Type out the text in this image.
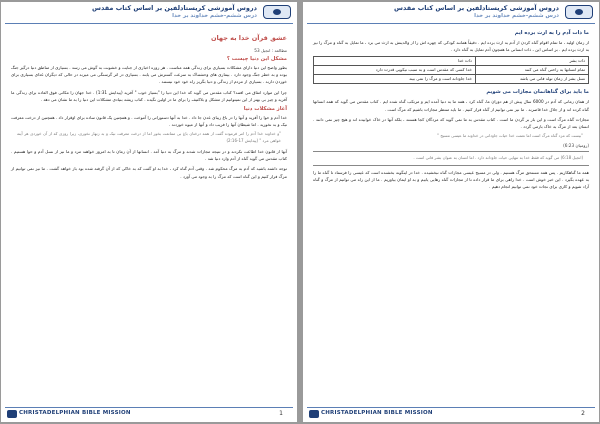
دروس آموزشی کریستادلفین بر اساس کتاب مقدس
درس ششم-خشم خداوند بر خدا
عشق قرآن خدا به جهان
مطالعه : انجیل 53
مشکل این دنیا چیست ؟

بطور واضح این دنیا دارای مشکلات بسیاری برای زندگی همه مناست . هر روزه اخباری از جنایت و خشونت به گوش می رسد . بسیاری از مناطق دنیا درگیر جنگ بوده و به خطر جنگ وجود دارد . بیماری های وحشتناک به سرعت گسترش می یابند . بسیاری در اثر گرسنگی می میرند در حالی که دیگران غذای بسیاری برای خوردن دارند . بسیاری از مردم از زندگی و دنیا بگریز راه خود خود نیستند .

چرا این موارد اتفاق می افتند؟ کتاب مقدس می گوید که خدا این دنیا را "بسیار خوب " آفرید (پیدایش 1:31) . خدا جهان را مکانی فوق العاده برای زندگی ما آفرید و چیز بی بهتر از این نمیتوانیم از مشکل و بلاکتیف را برای ما در اولین نگیده . کتاب ریشه بنیادی مشکلات این دنیا را به ما نشان می دهد .

آغاز مشکلات دنیا

خدا آدم و حوا را آفرید و آنها را در باغ زیبای عدن جا داد . خدا به آنها دستوراتی را آموخت . و همچنین یک قانون ساده برای اوقرار داد . همچنین از درخت معرفت نیک و بد نخورید . اما شیطان آنها را فریب داد و آنها از میوه خوردند .

"و خداوند خدا آدم را امر فرموده گفت از همه درختان باغ بی ممانعت بخور اما از درخت معرفت نیک و بد زنهار نخوری، زیرا روزی که از آن خوردی هر آینه خواهی مرد " (پیدایش 17-2:16)

آنها از قانون خدا اطاعت نکردند و در نتیجه مجازات شدند و مرگ به دنیا آمد . انسانها از آن زمان تا به امروز خواهند مرد و ما نیز از نسل آدم و حوا هستیم . کتاب مقدس می گوید گناه از آدم وارد دنیا شد .

توجه داشته باشید که آدم به مرگ محکوم شد . وقتی آدم گناه کرد ، خدا به او گفت که به خاکی که از آن گرفته شده بود باز خواهد گشت . ما نیز نمی توانیم از مرگ فرار کنیم و این گناه است که مرگ را به وجود می آورد .

CHRISTADELPHIAN BIBLE MISSION	1
دروس آموزشی کریستادلفین بر اساس کتاب مقدس
درس ششم-خشم خداوند بر خدا
ما ذات آدم را به ارث برده ایم

از زمان اولیه ، ما تمام اقوام گناه کردن از آدم به ارث برده ایم . دقیقاً همانند کودکی که چهره اش را از والدینش به ارث می برد ، ما تمایل به گناه و مرگ را نیز به ارث برده ایم . بر اساس این ، ذات انسانی ما همچون آدم تمایل به گناه دارد .

ذات بشر	ذات خدا
تمام انسانها به راحتی گناه می کنند	خدا کسی که مقدس است و به سبب نیکویی قدرت دارد
نسل بشر از زمان تولد فانی می باشد	خدا جاودانه است و مرگ را نمی بیند
ما باید برای گناهانمان مجازات می شویم

از همان زمانی که آدم در 6000 سال پیش از هم دوران ما، گناه کرد ، همه ما به دنیا آمده ایم و مرتکب گناه شده ایم . کتاب مقدس می گوید که همه انسانها گناه کرده اند و از جلال خدا قاصرند . ما نیز نمی توانیم از گناه فرار کنیم . ما باید منتظر مجازات باشیم که مرگ است .

مجازات گناه مرگ است و این بار بر گردن ما است . کتاب مقدس به ما نمی گوید که مردگان کجا هستند ، بلکه آنها در خاک خوابیده اند و هیچ چیز نمی دانند . انسان بعد از مرگ به خاک بازمی گردد .

"بیست که مزد گناه مرگ است اما نعمت خدا حیات جاودانی در خداوند ما عیسی مسیح "

(رومیان 6:23)

(انجیل 6:18) می گوید که فقط خدا به تنهایی حیات جاودانه دارد . اما انسان به عنوان بشر فانی است .

همه ما گناهکاریم . پس همه مستحق مرگ هستیم . ولی در مسیح عیسی مجازات گناه نبخشیده . خدا در اینگونه بخشنده است که عیسی را فرستاد تا گناه ما را به عهده بگیرد . این خبر خوش است . خدا راهی برای ما قرار داده تا از مجازات گناه رهایی یابیم و به او ایمان بیاوریم . ما از این راه می توانیم از مرگ و گناه آزاد شویم و کاری برای نجات خود نمی توانیم انجام دهیم .

CHRISTADELPHIAN BIBLE MISSION	2
